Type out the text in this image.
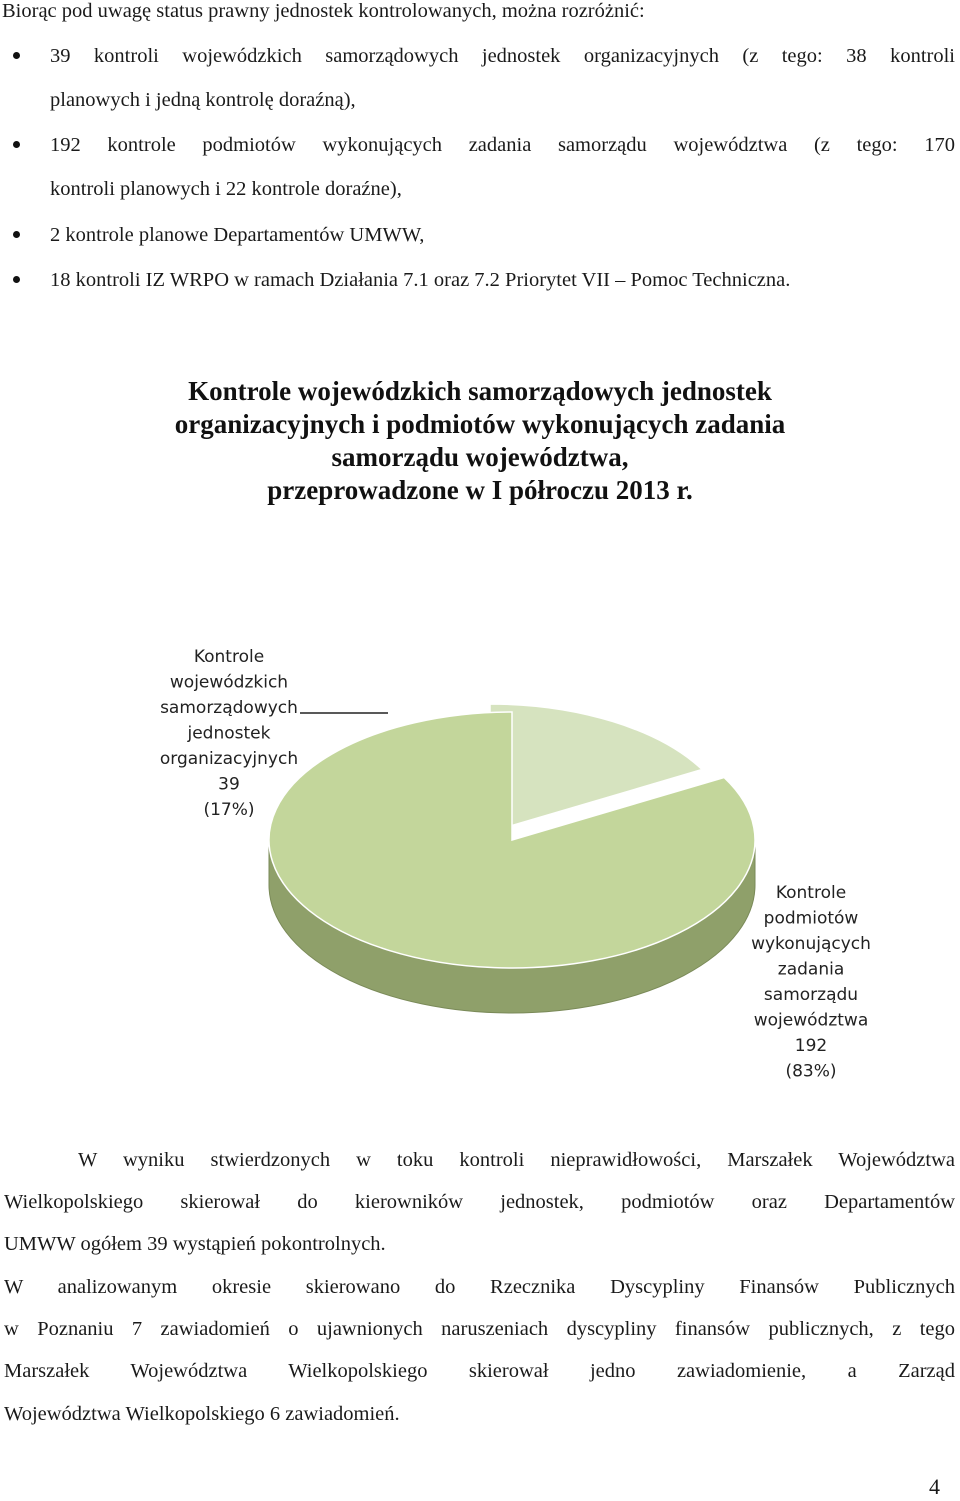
Biorąc pod uwagę status prawny jednostek kontrolowanych, można rozróżnić:
39 kontroli wojewódzkich samorządowych jednostek organizacyjnych (z tego: 38 kontroli
planowych i jedną kontrolę doraźną),
192 kontrole podmiotów wykonujących zadania samorządu województwa (z tego: 170
kontroli planowych i 22 kontrole doraźne),
2 kontrole planowe Departamentów UMWW,
18 kontroli IZ WRPO w ramach Działania 7.1 oraz 7.2 Priorytet VII – Pomoc Techniczna.
Kontrole wojewódzkich samorządowych jednostek
organizacyjnych i podmiotów wykonujących zadania
samorządu województwa,
przeprowadzone w I półroczu 2013 r.
Kontrole
wojewódzkich
samorządowych
jednostek
organizacyjnych
39
(17%)
Kontrole
podmiotów
wykonujących
zadania
samorządu
województwa
192
(83%)
W wyniku stwierdzonych w toku kontroli nieprawidłowości, Marszałek Województwa
Wielkopolskiego skierował do kierowników jednostek, podmiotów oraz Departamentów
UMWW ogółem 39 wystąpień pokontrolnych.
W analizowanym okresie skierowano do Rzecznika Dyscypliny Finansów Publicznych
w Poznaniu 7 zawiadomień o ujawnionych naruszeniach dyscypliny finansów publicznych, z tego
Marszałek Województwa Wielkopolskiego skierował jedno zawiadomienie, a Zarząd
Województwa Wielkopolskiego 6 zawiadomień.
4
